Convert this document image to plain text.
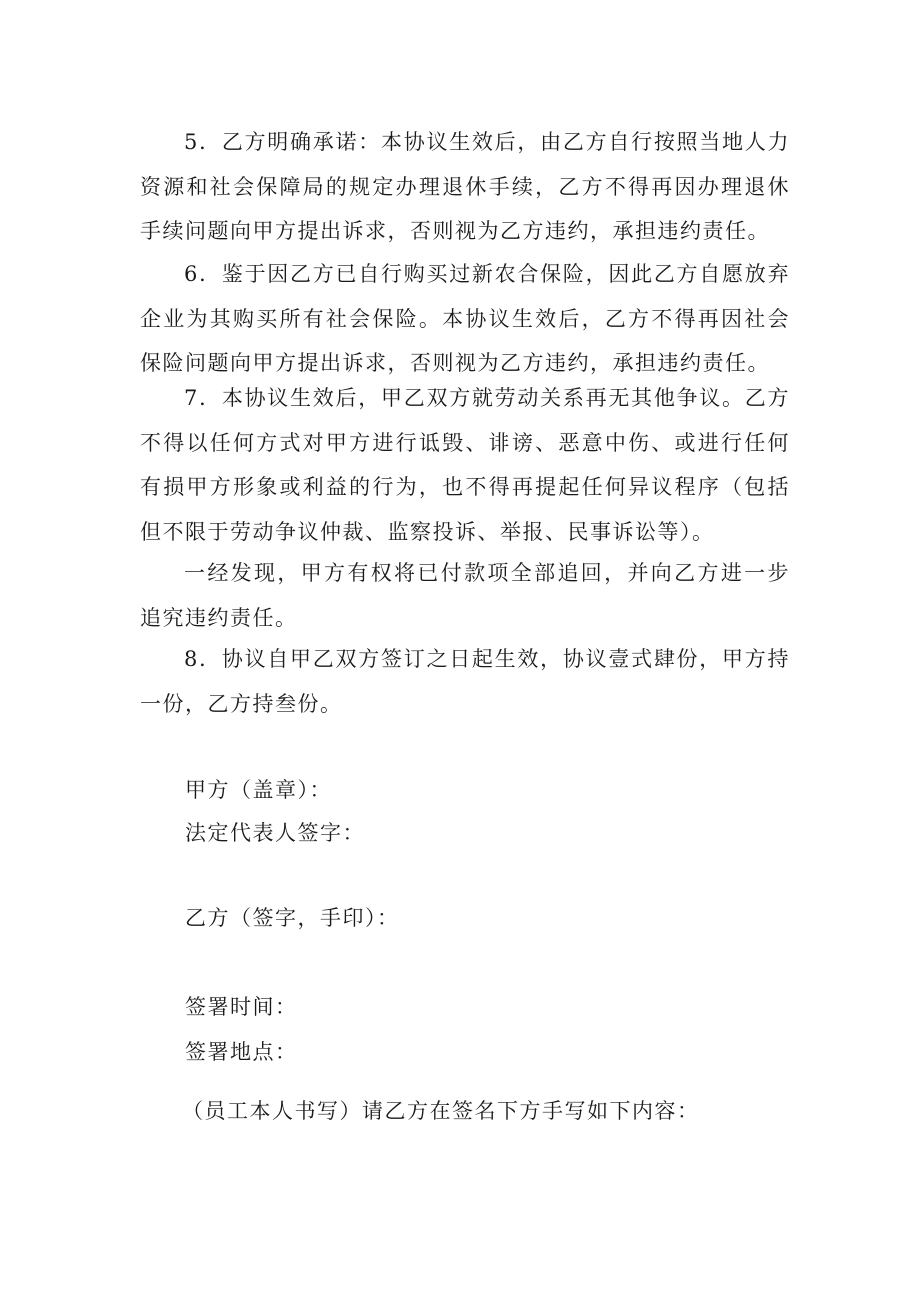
5．乙方明确承诺：本协议生效后，由乙方自行按照当地人力资源和社会保障局的规定办理退休手续，乙方不得再因办理退休手续问题向甲方提出诉求，否则视为乙方违约，承担违约责任。

6．鉴于因乙方已自行购买过新农合保险，因此乙方自愿放弃企业为其购买所有社会保险。本协议生效后，乙方不得再因社会保险问题向甲方提出诉求，否则视为乙方违约，承担违约责任。

7．本协议生效后，甲乙双方就劳动关系再无其他争议。乙方不得以任何方式对甲方进行诋毁、诽谤、恶意中伤、或进行任何有损甲方形象或利益的行为，也不得再提起任何异议程序（包括但不限于劳动争议仲裁、监察投诉、举报、民事诉讼等）。

一经发现，甲方有权将已付款项全部追回，并向乙方进一步追究违约责任。

8．协议自甲乙双方签订之日起生效，协议壹式肆份，甲方持一份，乙方持叁份。

甲方（盖章）：

法定代表人签字：

乙方（签字，手印）：

签署时间：

签署地点：

（员工本人书写）请乙方在签名下方手写如下内容：
